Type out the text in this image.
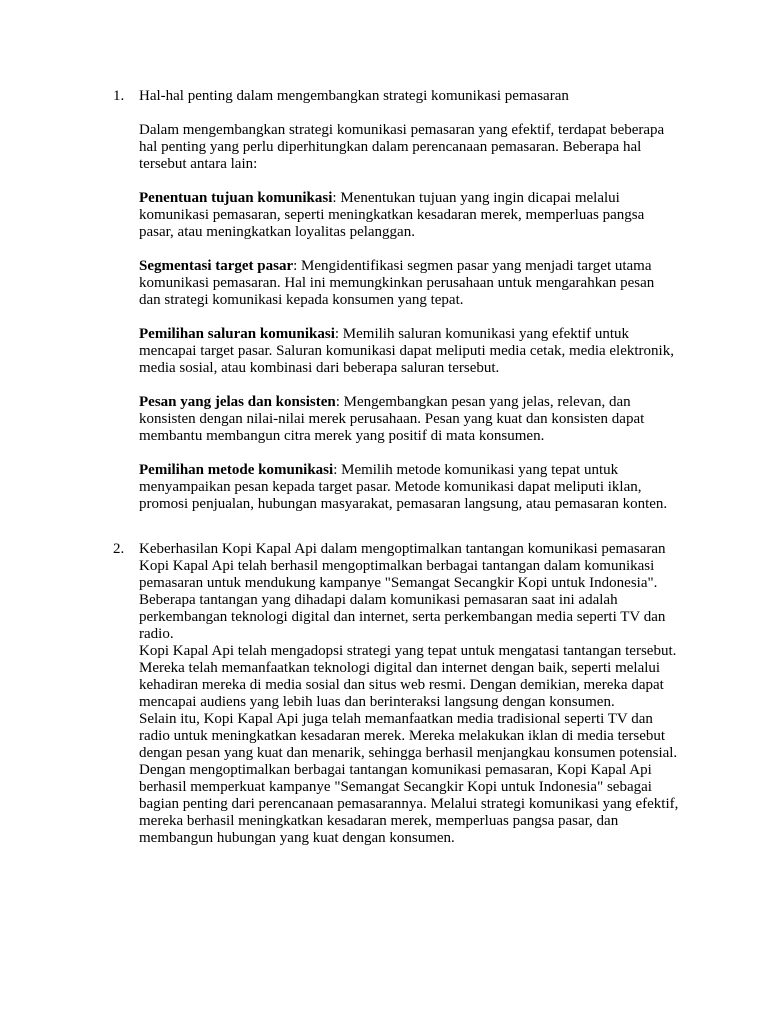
1. Hal-hal penting dalam mengembangkan strategi komunikasi pemasaran

Dalam mengembangkan strategi komunikasi pemasaran yang efektif, terdapat beberapa hal penting yang perlu diperhitungkan dalam perencanaan pemasaran. Beberapa hal tersebut antara lain:

Penentuan tujuan komunikasi: Menentukan tujuan yang ingin dicapai melalui komunikasi pemasaran, seperti meningkatkan kesadaran merek, memperluas pangsa pasar, atau meningkatkan loyalitas pelanggan.

Segmentasi target pasar: Mengidentifikasi segmen pasar yang menjadi target utama komunikasi pemasaran. Hal ini memungkinkan perusahaan untuk mengarahkan pesan dan strategi komunikasi kepada konsumen yang tepat.

Pemilihan saluran komunikasi: Memilih saluran komunikasi yang efektif untuk mencapai target pasar. Saluran komunikasi dapat meliputi media cetak, media elektronik, media sosial, atau kombinasi dari beberapa saluran tersebut.

Pesan yang jelas dan konsisten: Mengembangkan pesan yang jelas, relevan, dan konsisten dengan nilai-nilai merek perusahaan. Pesan yang kuat dan konsisten dapat membantu membangun citra merek yang positif di mata konsumen.

Pemilihan metode komunikasi: Memilih metode komunikasi yang tepat untuk menyampaikan pesan kepada target pasar. Metode komunikasi dapat meliputi iklan, promosi penjualan, hubungan masyarakat, pemasaran langsung, atau pemasaran konten.

2. Keberhasilan Kopi Kapal Api dalam mengoptimalkan tantangan komunikasi pemasaran

Kopi Kapal Api telah berhasil mengoptimalkan berbagai tantangan dalam komunikasi pemasaran untuk mendukung kampanye "Semangat Secangkir Kopi untuk Indonesia". Beberapa tantangan yang dihadapi dalam komunikasi pemasaran saat ini adalah perkembangan teknologi digital dan internet, serta perkembangan media seperti TV dan radio.

Kopi Kapal Api telah mengadopsi strategi yang tepat untuk mengatasi tantangan tersebut. Mereka telah memanfaatkan teknologi digital dan internet dengan baik, seperti melalui kehadiran mereka di media sosial dan situs web resmi. Dengan demikian, mereka dapat mencapai audiens yang lebih luas dan berinteraksi langsung dengan konsumen.

Selain itu, Kopi Kapal Api juga telah memanfaatkan media tradisional seperti TV dan radio untuk meningkatkan kesadaran merek. Mereka melakukan iklan di media tersebut dengan pesan yang kuat dan menarik, sehingga berhasil menjangkau konsumen potensial.

Dengan mengoptimalkan berbagai tantangan komunikasi pemasaran, Kopi Kapal Api berhasil memperkuat kampanye "Semangat Secangkir Kopi untuk Indonesia" sebagai bagian penting dari perencanaan pemasarannya. Melalui strategi komunikasi yang efektif, mereka berhasil meningkatkan kesadaran merek, memperluas pangsa pasar, dan membangun hubungan yang kuat dengan konsumen.
